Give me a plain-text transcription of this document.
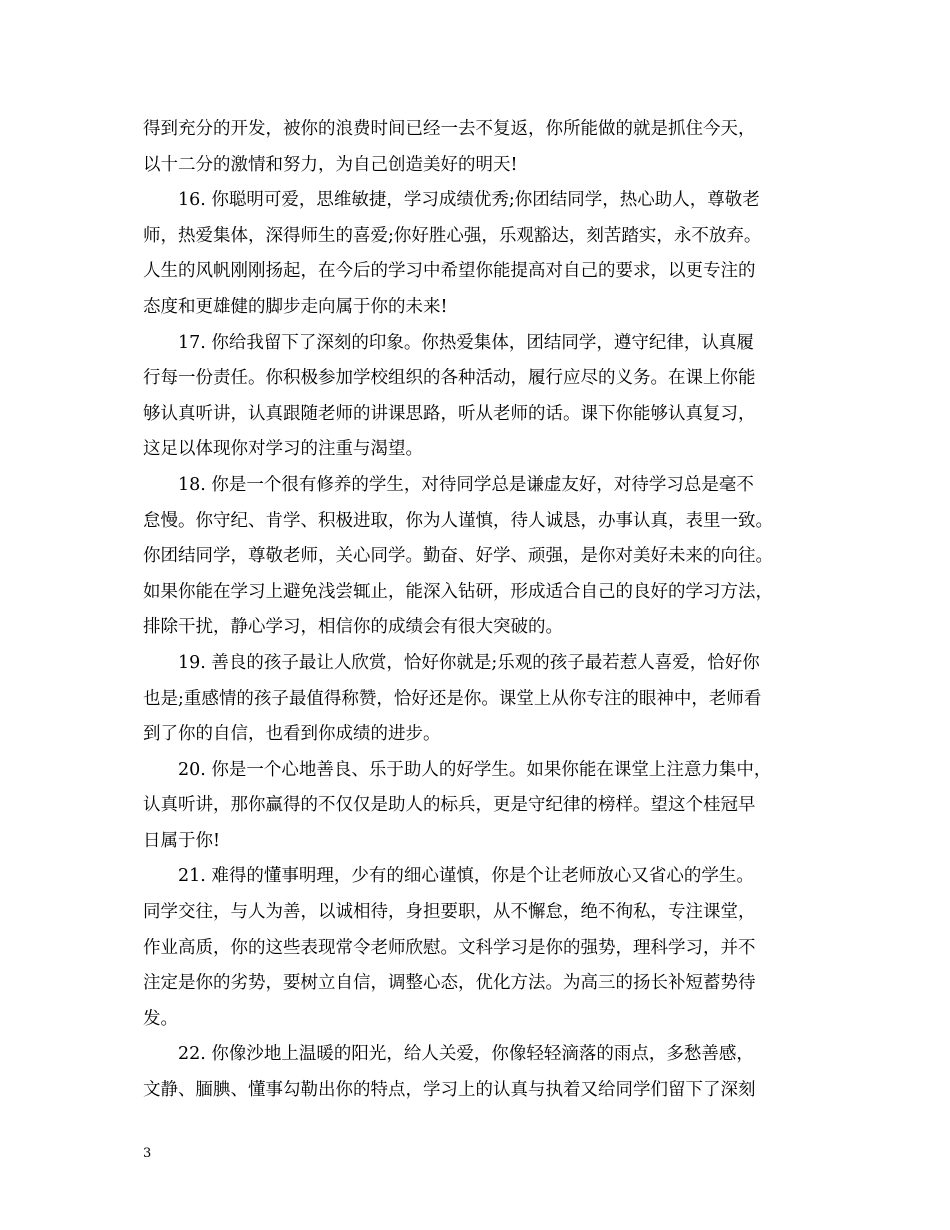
得到充分的开发，被你的浪费时间已经一去不复返，你所能做的就是抓住今天，
以十二分的激情和努力，为自己创造美好的明天!
16. 你聪明可爱，思维敏捷，学习成绩优秀;你团结同学，热心助人，尊敬老
师，热爱集体，深得师生的喜爱;你好胜心强，乐观豁达，刻苦踏实，永不放弃。
人生的风帆刚刚扬起，在今后的学习中希望你能提高对自己的要求，以更专注的
态度和更雄健的脚步走向属于你的未来!
17. 你给我留下了深刻的印象。你热爱集体，团结同学，遵守纪律，认真履
行每一份责任。你积极参加学校组织的各种活动，履行应尽的义务。在课上你能
够认真听讲，认真跟随老师的讲课思路，听从老师的话。课下你能够认真复习，
这足以体现你对学习的注重与渴望。
18. 你是一个很有修养的学生，对待同学总是谦虚友好，对待学习总是毫不
怠慢。你守纪、肯学、积极进取，你为人谨慎，待人诚恳，办事认真，表里一致。
你团结同学，尊敬老师，关心同学。勤奋、好学、顽强，是你对美好未来的向往。
如果你能在学习上避免浅尝辄止，能深入钻研，形成适合自己的良好的学习方法，
排除干扰，静心学习，相信你的成绩会有很大突破的。
19. 善良的孩子最让人欣赏，恰好你就是;乐观的孩子最若惹人喜爱，恰好你
也是;重感情的孩子最值得称赞，恰好还是你。课堂上从你专注的眼神中，老师看
到了你的自信，也看到你成绩的进步。
20. 你是一个心地善良、乐于助人的好学生。如果你能在课堂上注意力集中，
认真听讲，那你赢得的不仅仅是助人的标兵，更是守纪律的榜样。望这个桂冠早
日属于你!
21. 难得的懂事明理，少有的细心谨慎，你是个让老师放心又省心的学生。
同学交往，与人为善，以诚相待，身担要职，从不懈怠，绝不徇私，专注课堂，
作业高质，你的这些表现常令老师欣慰。文科学习是你的强势，理科学习，并不
注定是你的劣势，要树立自信，调整心态，优化方法。为高三的扬长补短蓄势待
发。
22. 你像沙地上温暖的阳光，给人关爱，你像轻轻滴落的雨点，多愁善感，
文静、腼腆、懂事勾勒出你的特点，学习上的认真与执着又给同学们留下了深刻
3
